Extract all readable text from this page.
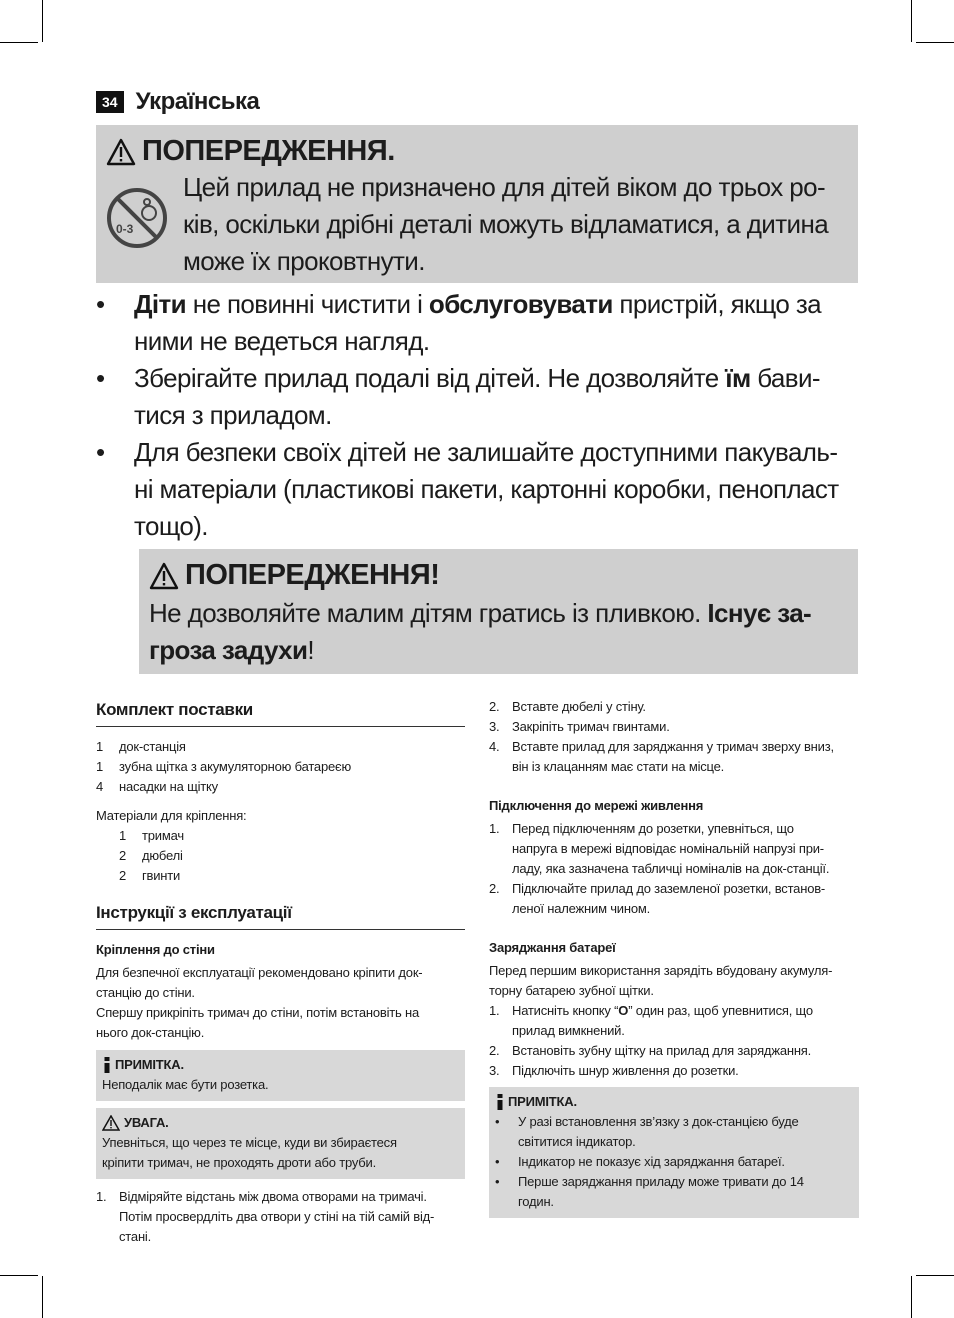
34 Українська
ПОПЕРЕДЖЕННЯ.
0-3
Цей прилад не призначено для дітей віком до трьох ро-
ків, оскільки дрібні деталі можуть відламатися, а дитина
може їх проковтнути.
•	Діти не повинні чистити і обслуговувати пристрій, якщо за
ними не ведеться нагляд.
•	Зберігайте прилад подалі від дітей. Не дозволяйте їм бави-
тися з приладом.
•	Для безпеки своїх дітей не залишайте доступними пакуваль-
ні матеріали (пластикові пакети, картонні коробки, пенопласт
тощо).
ПОПЕРЕДЖЕННЯ!
Не дозволяйте малим дітям гратись із пливкою. Існує за-
гроза задухи!
Комплект поставки
1	док-станція
1	зубна щітка з акумуляторною батареєю
4	насадки на щітку
Матеріали для кріплення:
1	тримач
2	дюбелі
2	гвинти
Інструкції з експлуатації
Кріплення до стіни
Для безпечної експлуатації рекомендовано кріпити док-
станцію до стіни.
Спершу прикріпіть тримач до стіни, потім встановіть на
нього док-станцію.
ПРИМІТКА.
Неподалік має бути розетка.
УВАГА.
Упевніться, що через те місце, куди ви збираєтеся
кріпити тримач, не проходять дроти або труби.
1. Відміряйте відстань між двома отворами на тримачі.
Потім просвердліть два отвори у стіні на тій самій від-
стані.
2. Вставте дюбелі у стіну.
3. Закріпіть тримач гвинтами.
4. Вставте прилад для заряджання у тримач зверху вниз,
він із клацанням має стати на місце.
Підключення до мережі живлення
1. Перед підключенням до розетки, упевніться, що
напруга в мережі відповідає номінальній напрузі при-
ладу, яка зазначена табличці номіналів на док-станції.
2. Підключайте прилад до заземленої розетки, встанов-
леної належним чином.
Заряджання батареї
Перед першим використання зарядіть вбудовану акумуля-
торну батарею зубної щітки.
1. Натисніть кнопку “O” один раз, щоб упевнитися, що
прилад вимкнений.
2. Встановіть зубну щітку на прилад для заряджання.
3. Підключіть шнур живлення до розетки.
ПРИМІТКА.
•	У разі встановлення зв’язку з док-станцією буде
світитися індикатор.
•	Індикатор не показує хід заряджання батареї.
•	Перше заряджання приладу може тривати до 14
годин.
